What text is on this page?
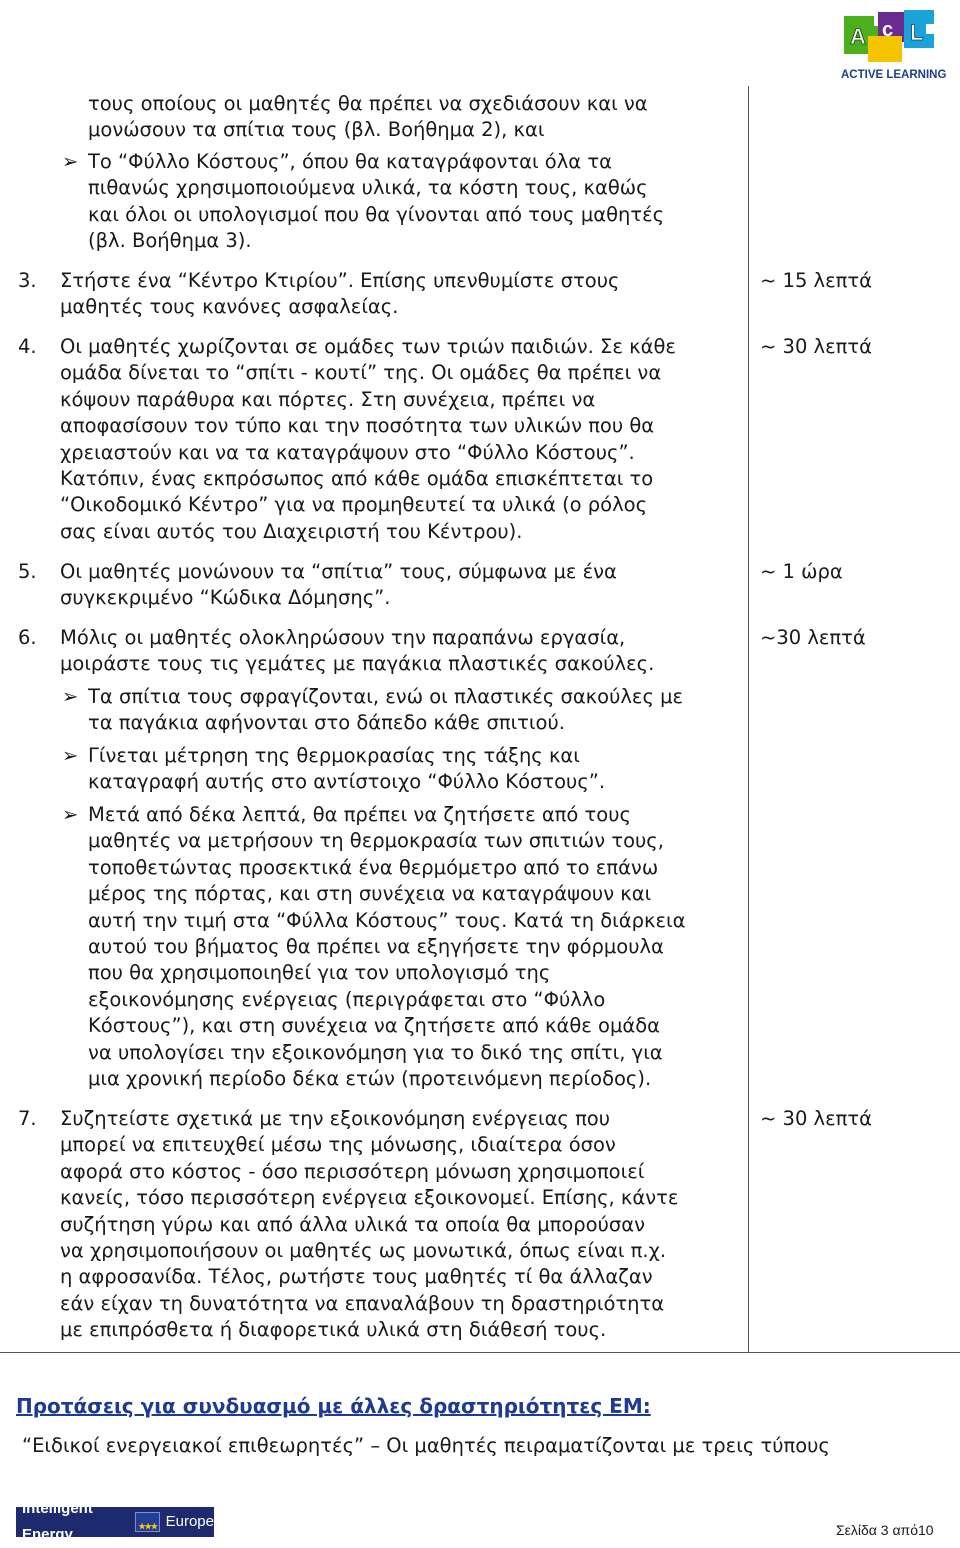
A c L
ACTIVE LEARNING
τους οποίους οι μαθητές θα πρέπει να σχεδιάσουν και να
μονώσουν τα σπίτια τους (βλ. Βοήθημα 2), και
➢ Το “Φύλλο Κόστους”, όπου θα καταγράφονται όλα τα
πιθανώς χρησιμοποιούμενα υλικά, τα κόστη τους, καθώς
και όλοι οι υπολογισμοί που θα γίνονται από τους μαθητές
(βλ. Βοήθημα 3).
3. Στήστε ένα “Κέντρο Κτιρίου”. Επίσης υπενθυμίστε στους
μαθητές τους κανόνες ασφαλείας.
~ 15 λεπτά
4. Οι μαθητές χωρίζονται σε ομάδες των τριών παιδιών. Σε κάθε
ομάδα δίνεται το “σπίτι - κουτί” της. Οι ομάδες θα πρέπει να
κόψουν παράθυρα και πόρτες. Στη συνέχεια, πρέπει να
αποφασίσουν τον τύπο και την ποσότητα των υλικών που θα
χρειαστούν και να τα καταγράψουν στο “Φύλλο Κόστους”.
Κατόπιν, ένας εκπρόσωπος από κάθε ομάδα επισκέπτεται το
“Οικοδομικό Κέντρο” για να προμηθευτεί τα υλικά (ο ρόλος
σας είναι αυτός του Διαχειριστή του Κέντρου).
~ 30 λεπτά
5. Οι μαθητές μονώνουν τα “σπίτια” τους, σύμφωνα με ένα
συγκεκριμένο “Κώδικα Δόμησης”.
~ 1 ώρα
6. Μόλις οι μαθητές ολοκληρώσουν την παραπάνω εργασία,
μοιράστε τους τις γεμάτες με παγάκια πλαστικές σακούλες.
~30 λεπτά
➢ Τα σπίτια τους σφραγίζονται, ενώ οι πλαστικές σακούλες με
τα παγάκια αφήνονται στο δάπεδο κάθε σπιτιού.
➢ Γίνεται μέτρηση της θερμοκρασίας της τάξης και
καταγραφή αυτής στο αντίστοιχο “Φύλλο Κόστους”.
➢ Μετά από δέκα λεπτά, θα πρέπει να ζητήσετε από τους
μαθητές να μετρήσουν τη θερμοκρασία των σπιτιών τους,
τοποθετώντας προσεκτικά ένα θερμόμετρο από το επάνω
μέρος της πόρτας, και στη συνέχεια να καταγράψουν και
αυτή την τιμή στα “Φύλλα Κόστους” τους. Κατά τη διάρκεια
αυτού του βήματος θα πρέπει να εξηγήσετε την φόρμουλα
που θα χρησιμοποιηθεί για τον υπολογισμό της
εξοικονόμησης ενέργειας (περιγράφεται στο “Φύλλο
Κόστους”), και στη συνέχεια να ζητήσετε από κάθε ομάδα
να υπολογίσει την εξοικονόμηση για το δικό της σπίτι, για
μια χρονική περίοδο δέκα ετών (προτεινόμενη περίοδος).
7. Συζητείστε σχετικά με την εξοικονόμηση ενέργειας που
μπορεί να επιτευχθεί μέσω της μόνωσης, ιδιαίτερα όσον
αφορά στο κόστος - όσο περισσότερη μόνωση χρησιμοποιεί
κανείς, τόσο περισσότερη ενέργεια εξοικονομεί. Επίσης, κάντε
συζήτηση γύρω και από άλλα υλικά τα οποία θα μπορούσαν
να χρησιμοποιήσουν οι μαθητές ως μονωτικά, όπως είναι π.χ.
η αφροσανίδα. Τέλος, ρωτήστε τους μαθητές τί θα άλλαζαν
εάν είχαν τη δυνατότητα να επαναλάβουν τη δραστηριότητα
με επιπρόσθετα ή διαφορετικά υλικά στη διάθεσή τους.
~ 30 λεπτά
Προτάσεις για συνδυασμό με άλλες δραστηριότητες ΕΜ:
“Ειδικοί ενεργειακοί επιθεωρητές” – Οι μαθητές πειραματίζονται με τρεις τύπους
Intelligent Energy
★★★
Europe
Σελίδα 3 από10
